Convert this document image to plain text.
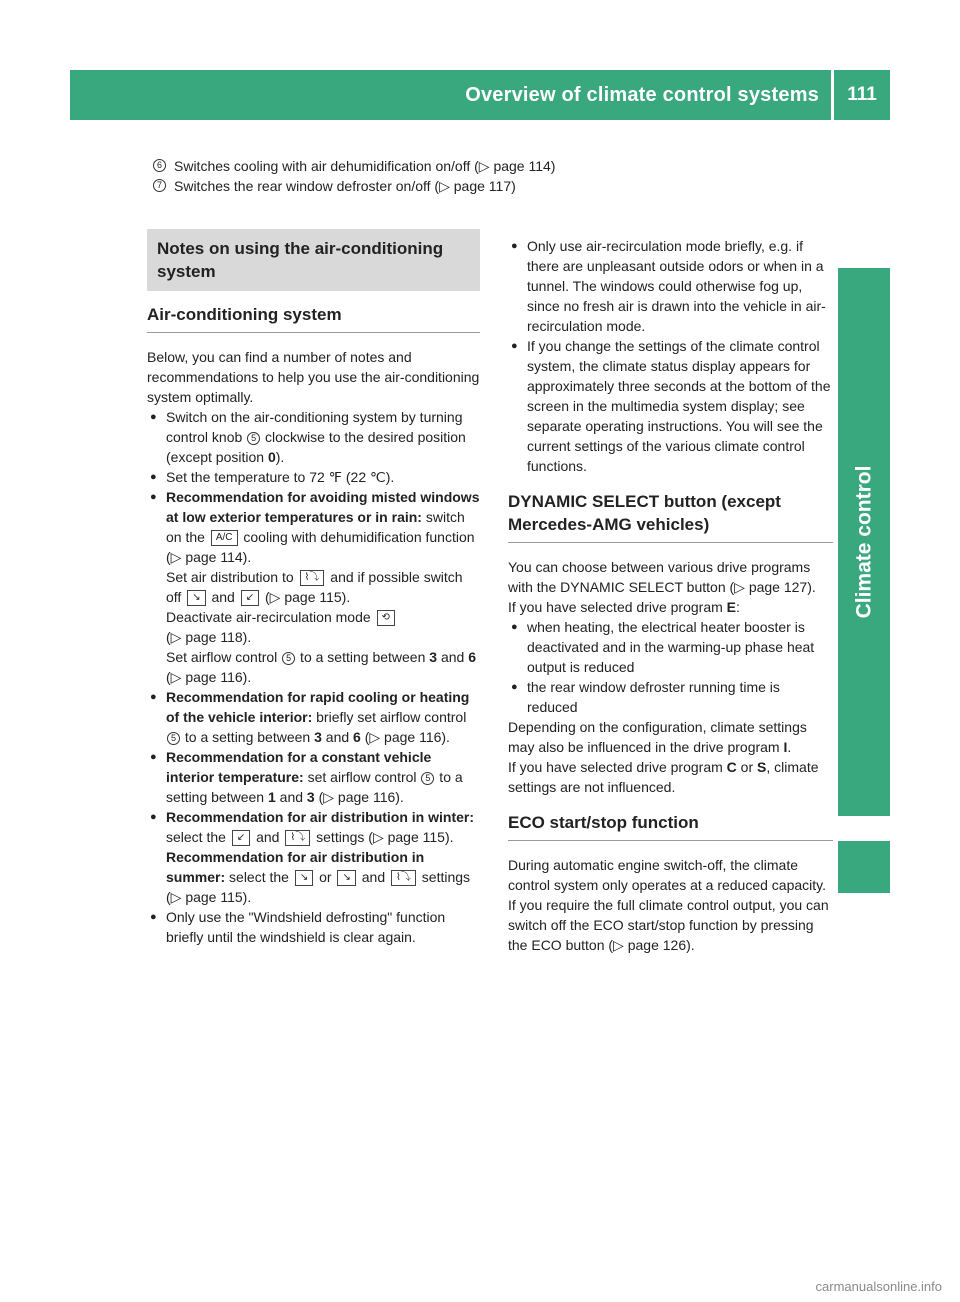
Overview of climate control systems	111
Climate control
6 Switches cooling with air dehumidification on/off (▷ page 114)
7 Switches the rear window defroster on/off (▷ page 117)
Notes on using the air-conditioning system
Air-conditioning system

Below, you can find a number of notes and recommendations to help you use the air-conditioning system optimally.

● Switch on the air-conditioning system by turning control knob 5 clockwise to the desired position (except position 0).
● Set the temperature to 72 ℉ (22 ℃).
● Recommendation for avoiding misted windows at low exterior temperatures or in rain: switch on the A/C cooling with dehumidification function (▷ page 114).
Set air distribution to ⌇⤵ and if possible switch off ↘ and ↙ (▷ page 115).
Deactivate air-recirculation mode ⟲
(▷ page 118).
Set airflow control 5 to a setting between 3 and 6 (▷ page 116).
● Recommendation for rapid cooling or heating of the vehicle interior: briefly set airflow control 5 to a setting between 3 and 6 (▷ page 116).
● Recommendation for a constant vehicle interior temperature: set airflow control 5 to a setting between 1 and 3 (▷ page 116).
● Recommendation for air distribution in winter: select the ↙ and ⌇⤵ settings (▷ page 115).
Recommendation for air distribution in summer: select the ↘ or ↘ and ⌇⤵ settings (▷ page 115).
● Only use the "Windshield defrosting" function briefly until the windshield is clear again.
● Only use air-recirculation mode briefly, e.g. if there are unpleasant outside odors or when in a tunnel. The windows could otherwise fog up, since no fresh air is drawn into the vehicle in air-recirculation mode.
● If you change the settings of the climate control system, the climate status display appears for approximately three seconds at the bottom of the screen in the multimedia system display; see separate operating instructions. You will see the current settings of the various climate control functions.
DYNAMIC SELECT button (except Mercedes-AMG vehicles)

You can choose between various drive programs with the DYNAMIC SELECT button (▷ page 127).

If you have selected drive program E:

● when heating, the electrical heater booster is deactivated and in the warming-up phase heat output is reduced
● the rear window defroster running time is reduced

Depending on the configuration, climate settings may also be influenced in the drive program I.

If you have selected drive program C or S, climate settings are not influenced.

ECO start/stop function

During automatic engine switch-off, the climate control system only operates at a reduced capacity. If you require the full climate control output, you can switch off the ECO start/stop function by pressing the ECO button (▷ page 126).

carmanualsonline.info
